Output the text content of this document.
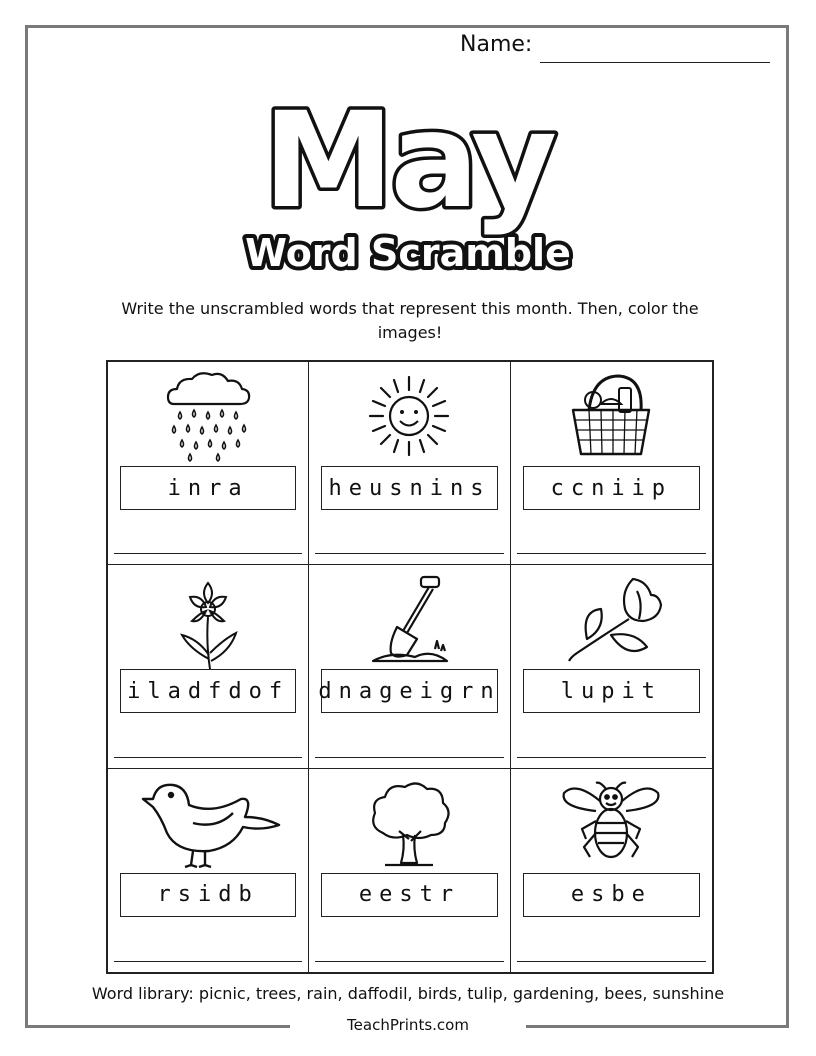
Name:
May
Word Scramble
Write the unscrambled words that represent this month. Then, color the images!
inra	heusnins	ccniip
iladfdof	dnageigrn	lupit
rsidb	eestr	esbe
Word library: picnic, trees, rain, daffodil, birds, tulip, gardening, bees, sunshine
TeachPrints.com
